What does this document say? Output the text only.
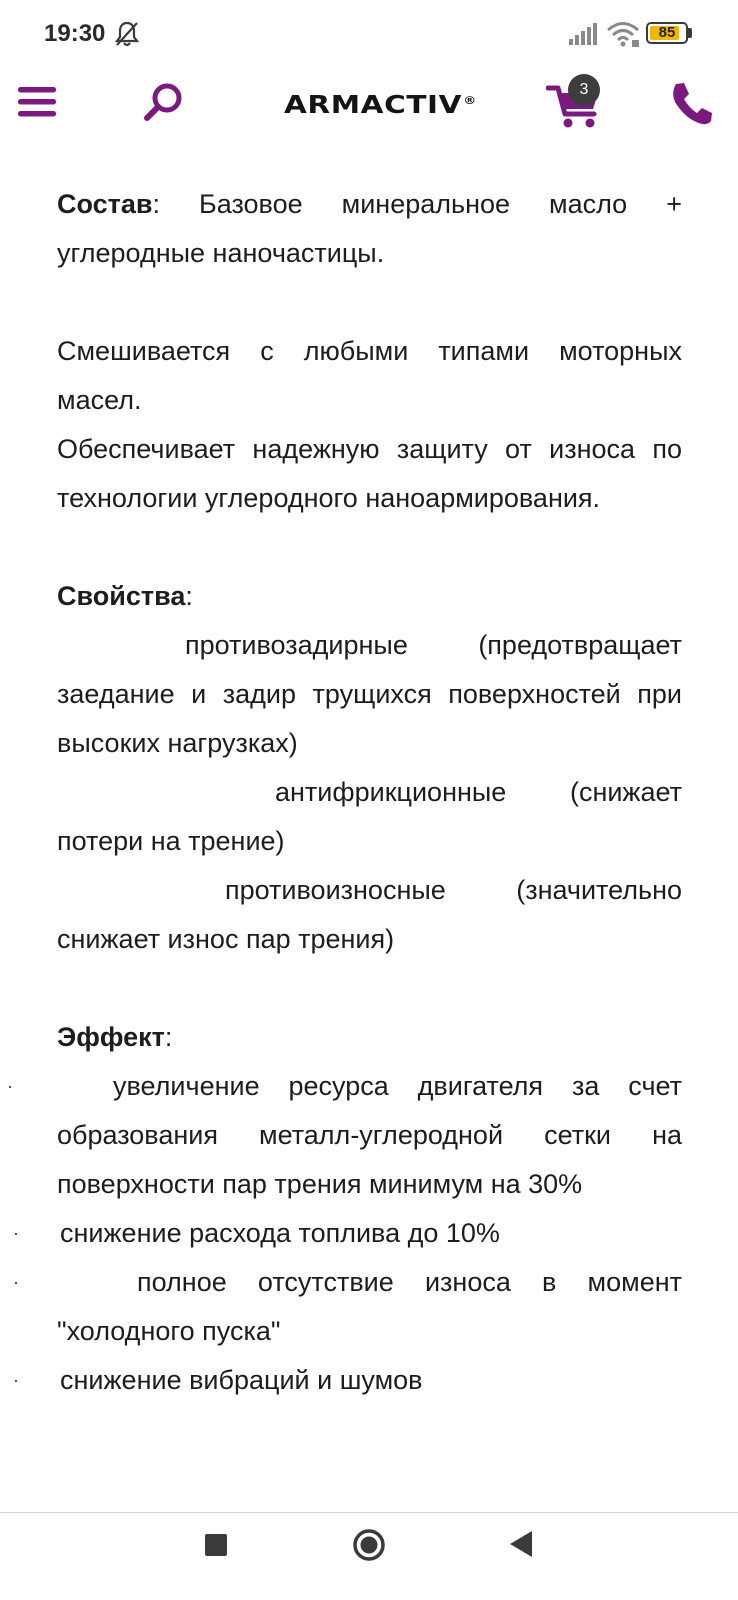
19:30	85
ARMACTIV®
3

Состав: Базовое минеральное масло + углеродные наночастицы.

Смешивается с любыми типами моторных масел.

Обеспечивает надежную защиту от износа по технологии углеродного наноармирования.

Свойства:

противозадирные (предотвращает заедание и задир трущихся поверхностей при высоких нагрузках)

антифрикционные (снижает потери на трение)

противоизносные (значительно снижает износ пар трения)

Эффект:

·	увеличение ресурса двигателя за счет образования металл-углеродной сетки на поверхности пар трения минимум на 30%
· снижение расхода топлива до 10%
·	полное отсутствие износа в момент "холодного пуска"
· снижение вибраций и шумов
